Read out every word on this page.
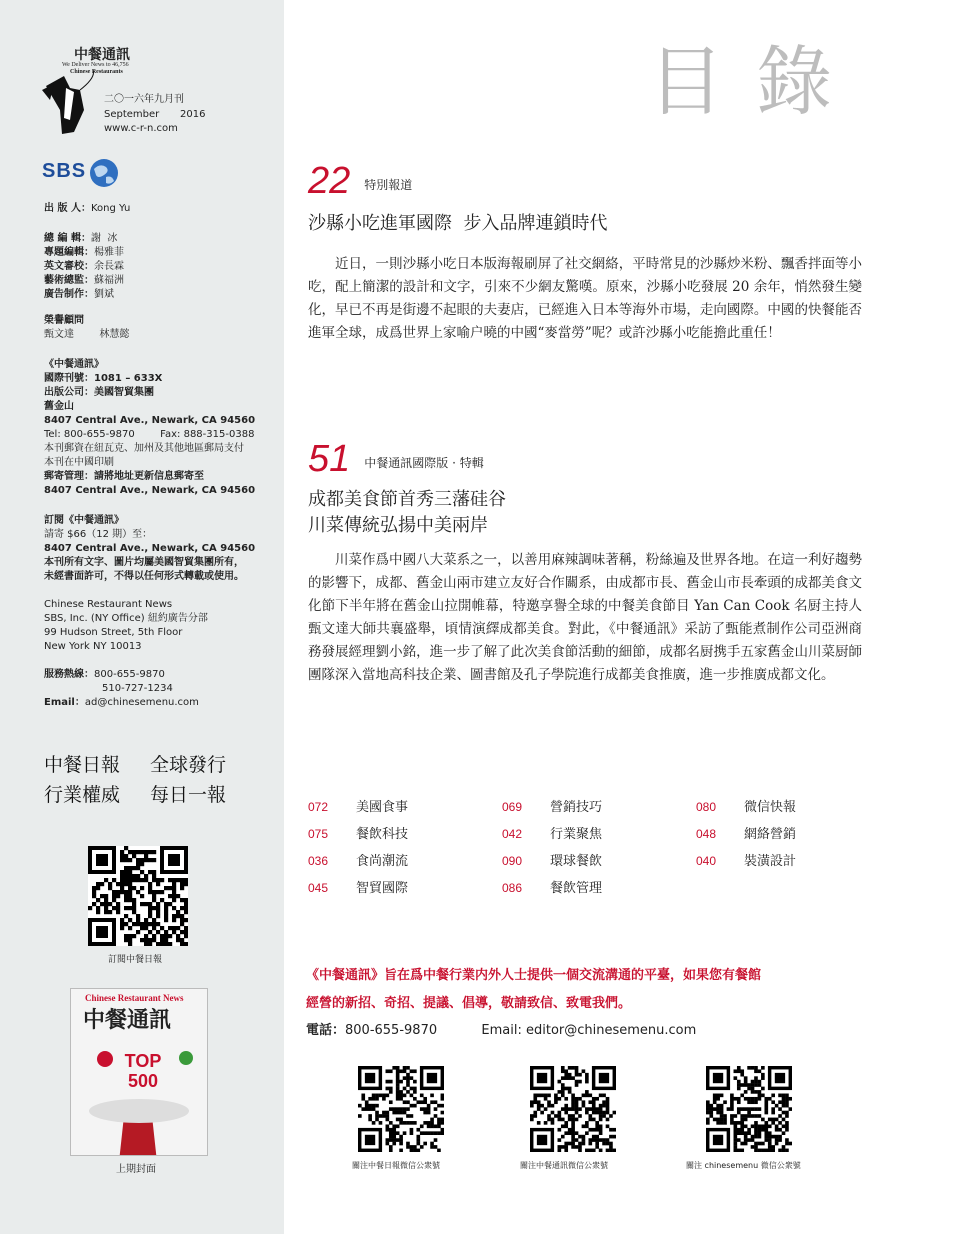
中餐通訊
We Deliver News to 46,756
Chinese Restaurants
二〇一六年九月刊
September 2016
www.c-r-n.com
SBS
出 版 人：Kong Yu
總 編 輯：謝  冰
專題編輯：楊雅菲
英文審校：余長霖
藝術總監：蘇福洲
廣告制作：劉斌
榮譽顧問
甄文達        林慧懿
《中餐通訊》
國際刊號：1081 – 633X
出版公司：美國智貿集團
舊金山
8407 Central Ave., Newark, CA 94560
Tel: 800-655-9870        Fax: 888-315-0388
本刊郵資在紐瓦克、加州及其他地區郵局支付
本刊在中國印刷
郵寄管理：請將地址更新信息郵寄至
8407 Central Ave., Newark, CA 94560
訂閱《中餐通訊》
請寄 $66（12 期）至：
8407 Central Ave., Newark, CA 94560
本刊所有文字、圖片均屬美國智貿集團所有，
未經書面許可，不得以任何形式轉載或使用。
Chinese Restaurant News
SBS, Inc. (NY Office) 紐約廣告分部
99 Hudson Street, 5th Floor
New York NY 10013
服務熱線：800-655-9870
510-727-1234
Email：ad@chinesemenu.com
中餐日報 全球發行
行業權威 每日一報
訂閱中餐日報
Chinese Restaurant News
中餐通訊
TOP
500
上期封面
目 錄
22 特別報道
沙縣小吃進軍國際  步入品牌連鎖時代

近日，一則沙縣小吃日本版海報刷屏了社交網絡，平時常見的沙縣炒米粉、飄香拌面等小吃，配上簡潔的設計和文字，引來不少網友驚嘆。原來，沙縣小吃發展 20 余年，悄然發生變化，早已不再是街邊不起眼的夫妻店，已經進入日本等海外市場，走向國際。中國的快餐能否進軍全球，成爲世界上家喻户曉的中國“麥當勞”呢？或許沙縣小吃能擔此重任！

51 中餐通訊國際版 · 特輯
成都美食節首秀三藩硅谷
川菜傳統弘揚中美兩岸

川菜作爲中國八大菜系之一，以善用麻辣調味著稱，粉絲遍及世界各地。在這一利好趨勢的影響下，成都、舊金山兩市建立友好合作關系，由成都市長、舊金山市長牽頭的成都美食文化節下半年將在舊金山拉開帷幕，特邀享譽全球的中餐美食節目 Yan Can Cook 名厨主持人甄文達大師共襄盛舉，頃情演繹成都美食。對此，《中餐通訊》采訪了甄能煮制作公司亞洲商務發展經理劉小銘，進一步了解了此次美食節活動的細節，成都名厨携手五家舊金山川菜厨師團隊深入當地高科技企業、圖書館及孔子學院進行成都美食推廣，進一步推廣成都文化。

072 美國食事
075 餐飲科技
036 食尚潮流
045 智貿國際
069 營銷技巧
042 行業聚焦
090 環球餐飲
086 餐飲管理
080 微信快報
048 網絡營銷
040 裝潢設計
《中餐通訊》旨在爲中餐行業内外人士提供一個交流溝通的平臺，如果您有餐館
經營的新招、奇招、提議、倡導，敬請致信、致電我們。
電話：800-655-9870	Email: editor@chinesemenu.com
關注中餐日報微信公衆號	關注中餐通訊微信公衆號	關注 chinesemenu 微信公衆號
